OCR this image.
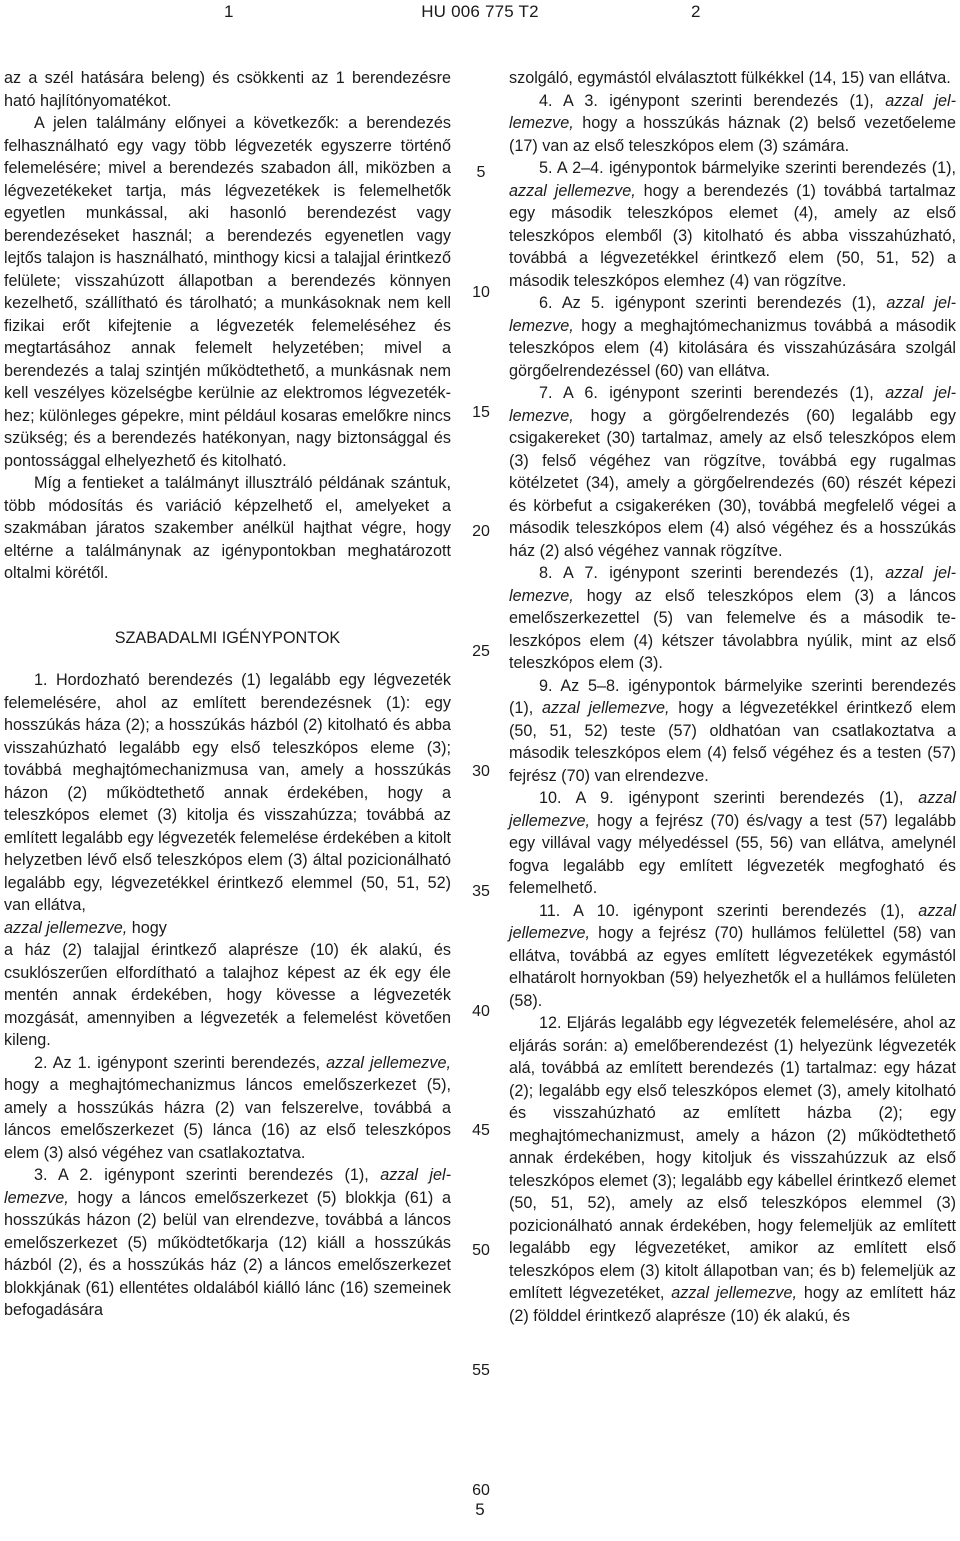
1	HU 006 775 T2	2

az a szél hatására beleng) és csökkenti az 1 berendezésre ható hajlítónyomatékot.

A jelen találmány előnyei a következők: a berendezés felhasználható egy vagy több légvezeték egyszerre történő felemelésére; mivel a berendezés szabadon áll, miközben a légvezetékeket tartja, más légvezetékek is felemelhetők egyetlen munkással, aki hasonló berendezést vagy berendezéseket használ; a berendezés egyenetlen vagy lejtős talajon is használható, minthogy kicsi a talajjal érintkező felülete; visszahúzott állapotban a berendezés könnyen kezelhető, szállítható és tárolható; a munkásoknak nem kell fizikai erőt kifejtenie a légvezeték felemeléséhez és megtartásához annak felemelt helyzetében; mivel a berendezés a talaj szintjén működtethető, a munkásnak nem kell veszélyes közelségbe kerülnie az elektromos légvezetékhez; különleges gépekre, mint például kosaras emelőkre nincs szükség; és a berendezés hatékonyan, nagy biztonsággal és pontossággal elhelyezhető és kitolható.

Míg a fentieket a találmányt illusztráló példának szántuk, több módosítás és variáció képzelhető el, amelyeket a szakmában járatos szakember anélkül hajthat végre, hogy eltérne a találmánynak az igénypontokban meghatározott oltalmi körétől.

SZABADALMI IGÉNYPONTOK

1. Hordozható berendezés (1) legalább egy légvezeték felemelésére, ahol az említett berendezésnek (1): egy hosszúkás háza (2); a hosszúkás házból (2) kitolható és abba visszahúzható legalább egy első teleszkópos eleme (3); továbbá meghajtómechanizmusa van, amely a hosszúkás házon (2) működtethető annak érdekében, hogy a teleszkópos elemet (3) kitolja és visszahúzza; továbbá az említett legalább egy légvezeték felemelése érdekében a kitolt helyzetben lévő első teleszkópos elem (3) által pozicionálható legalább egy, légvezetékkel érintkező elemmel (50, 51, 52) van ellátva,

azzal jellemezve, hogy

a ház (2) talajjal érintkező alaprésze (10) ék alakú, és csuklószerűen elfordítható a talajhoz képest az ék egy éle mentén annak érdekében, hogy kövesse a légvezeték mozgását, amennyiben a légvezeték a felemelést követően kileng.

2. Az 1. igénypont szerinti berendezés, azzal jellemezve, hogy a meghajtómechanizmus láncos emelőszerkezet (5), amely a hosszúkás házra (2) van felszerelve, továbbá a láncos emelőszerkezet (5) lánca (16) az első teleszkópos elem (3) alsó végéhez van csatlakoztatva.

3. A 2. igénypont szerinti berendezés (1), azzal jellemezve, hogy a láncos emelőszerkezet (5) blokkja (61) a hosszúkás házon (2) belül van elrendezve, továbbá a láncos emelőszerkezet (5) működtetőkarja (12) kiáll a hosszúkás házból (2), és a hosszúkás ház (2) a láncos emelőszerkezet blokkjának (61) ellentétes oldalából kiálló lánc (16) szemeinek befogadására

5
10
15
20
25
30
35
40
45
50
55
60

szolgáló, egymástól elválasztott fülkékkel (14, 15) van ellátva.

4. A 3. igénypont szerinti berendezés (1), azzal jellemezve, hogy a hosszúkás háznak (2) belső vezetőeleme (17) van az első teleszkópos elem (3) számára.

5. A 2–4. igénypontok bármelyike szerinti berendezés (1), azzal jellemezve, hogy a berendezés (1) továbbá tartalmaz egy második teleszkópos elemet (4), amely az első teleszkópos elemből (3) kitolható és abba visszahúzható, továbbá a légvezetékkel érintkező elem (50, 51, 52) a második teleszkópos elemhez (4) van rögzítve.

6. Az 5. igénypont szerinti berendezés (1), azzal jellemezve, hogy a meghajtómechanizmus továbbá a második teleszkópos elem (4) kitolására és visszahúzására szolgál görgőelrendezéssel (60) van ellátva.

7. A 6. igénypont szerinti berendezés (1), azzal jellemezve, hogy a görgőelrendezés (60) legalább egy csigakereket (30) tartalmaz, amely az első teleszkópos elem (3) felső végéhez van rögzítve, továbbá egy rugalmas kötélzetet (34), amely a görgőelrendezés (60) részét képezi és körbefut a csigakeréken (30), továbbá megfelelő végei a második teleszkópos elem (4) alsó végéhez és a hosszúkás ház (2) alsó végéhez vannak rögzítve.

8. A 7. igénypont szerinti berendezés (1), azzal jellemezve, hogy az első teleszkópos elem (3) a láncos emelőszerkezettel (5) van felemelve és a második teleszkópos elem (4) kétszer távolabbra nyúlik, mint az első teleszkópos elem (3).

9. Az 5–8. igénypontok bármelyike szerinti berendezés (1), azzal jellemezve, hogy a légvezetékkel érintkező elem (50, 51, 52) teste (57) oldhatóan van csatlakoztatva a második teleszkópos elem (4) felső végéhez és a testen (57) fejrész (70) van elrendezve.

10. A 9. igénypont szerinti berendezés (1), azzal jellemezve, hogy a fejrész (70) és/vagy a test (57) legalább egy villával vagy mélyedéssel (55, 56) van ellátva, amelynél fogva legalább egy említett légvezeték megfogható és felemelhető.

11. A 10. igénypont szerinti berendezés (1), azzal jellemezve, hogy a fejrész (70) hullámos felülettel (58) van ellátva, továbbá az egyes említett légvezetékek egymástól elhatárolt hornyokban (59) helyezhetők el a hullámos felületen (58).

12. Eljárás legalább egy légvezeték felemelésére, ahol az eljárás során: a) emelőberendezést (1) helyezünk légvezeték alá, továbbá az említett berendezés (1) tartalmaz: egy házat (2); legalább egy első teleszkópos elemet (3), amely kitolható és visszahúzható az említett házba (2); egy meghajtómechanizmust, amely a házon (2) működtethető annak érdekében, hogy kitoljuk és visszahúzzuk az első teleszkópos elemet (3); legalább egy kábellel érintkező elemet (50, 51, 52), amely az első teleszkópos elemmel (3) pozicionálható annak érdekében, hogy felemeljük az említett legalább egy légvezetéket, amikor az említett első teleszkópos elem (3) kitolt állapotban van; és b) felemeljük az említett légvezetéket, azzal jellemezve, hogy az említett ház (2) földdel érintkező alaprésze (10) ék alakú, és

5
